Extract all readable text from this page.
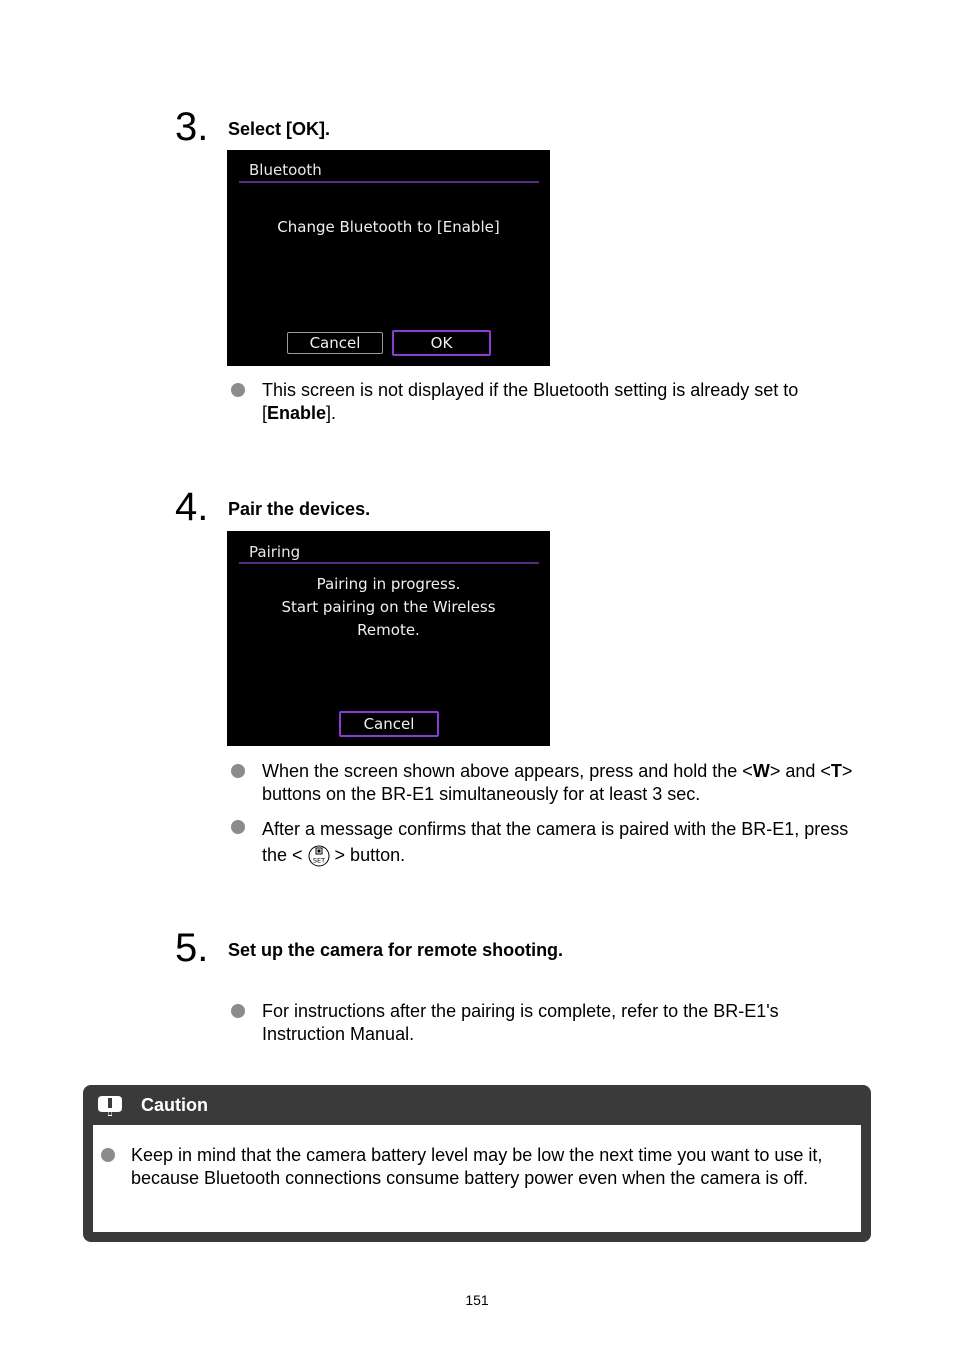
3. Select [OK].
Bluetooth
Change Bluetooth to [Enable]
Cancel	OK
This screen is not displayed if the Bluetooth setting is already set to [Enable].
4. Pair the devices.
Pairing
Pairing in progress.
Start pairing on the Wireless
Remote.
Cancel
When the screen shown above appears, press and hold the <W> and <T> buttons on the BR-E1 simultaneously for at least 3 sec.
After a message confirms that the camera is paired with the BR-E1, press the < SET > button.
5. Set up the camera for remote shooting.
For instructions after the pairing is complete, refer to the BR-E1's Instruction Manual.
Caution
Keep in mind that the camera battery level may be low the next time you want to use it, because Bluetooth connections consume battery power even when the camera is off.
151
